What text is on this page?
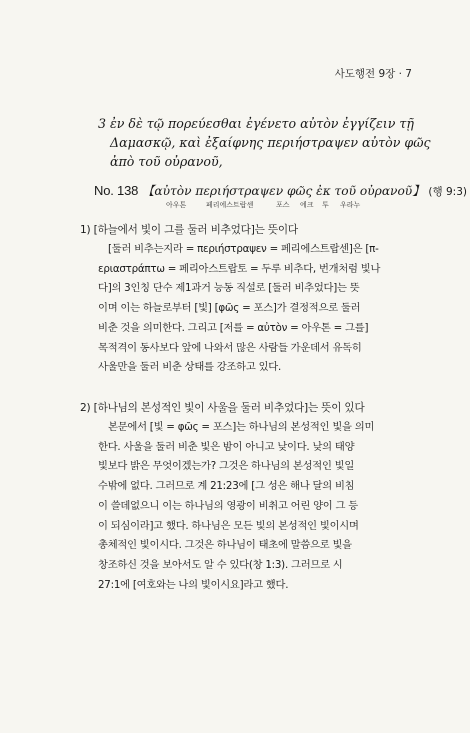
사도행전 9장 · 7
3 ἐν δὲ τῷ πορεύεσθαι ἐγένετο αὐτὸν ἐγγίζειν τῇ
Δαμασκῷ, καὶ ἐξαίφνης περιήστραψεν αὐτὸν φῶς
ἀπὸ τοῦ οὐρανοῦ,
No. 138 【αὐτὸν περιήστραψεν φῶς ἐκ τοῦ οὐρανοῦ】 (행 9:3)
아우톤	페리에스트랍센	포스 에크 투 우라누
1) [하늘에서 빛이 그를 둘러 비추었다]는 뜻이다
[둘러 비추는지라 = περιήστραψεν = 페리에스트랍센]은 [π-
εριαστράπτω = 페리아스트랍토 = 두루 비추다, 번개처럼 빛나
다]의 3인칭 단수 제1과거 능동 직설로 [둘러 비추었다]는 뜻
이며 이는 하늘로부터 [빛] [φῶς = 포스]가 결정적으로 둘러
비춘 것을 의미한다. 그리고 [저를 = αὐτὸν = 아우톤 = 그를]
목적격이 동사보다 앞에 나와서 많은 사람들 가운데서 유독히
사울만을 둘러 비춘 상태를 강조하고 있다.
2) [하나님의 본성적인 빛이 사울을 둘러 비추었다]는 뜻이 있다
본문에서 [빛 = φῶς = 포스]는 하나님의 본성적인 빛을 의미
한다. 사울을 둘러 비춘 빛은 밤이 아니고 낮이다. 낮의 태양
빛보다 밝은 무엇이겠는가? 그것은 하나님의 본성적인 빛일
수밖에 없다. 그러므로 계 21:23에 [그 성은 해나 달의 비침
이 쓸데없으니 이는 하나님의 영광이 비취고 어린 양이 그 등
이 되심이라]고 했다. 하나님은 모든 빛의 본성적인 빛이시며
총체적인 빛이시다. 그것은 하나님이 태초에 말씀으로 빛을
창조하신 것을 보아서도 알 수 있다(창 1:3). 그러므로 시
27:1에 [여호와는 나의 빛이시요]라고 했다.
